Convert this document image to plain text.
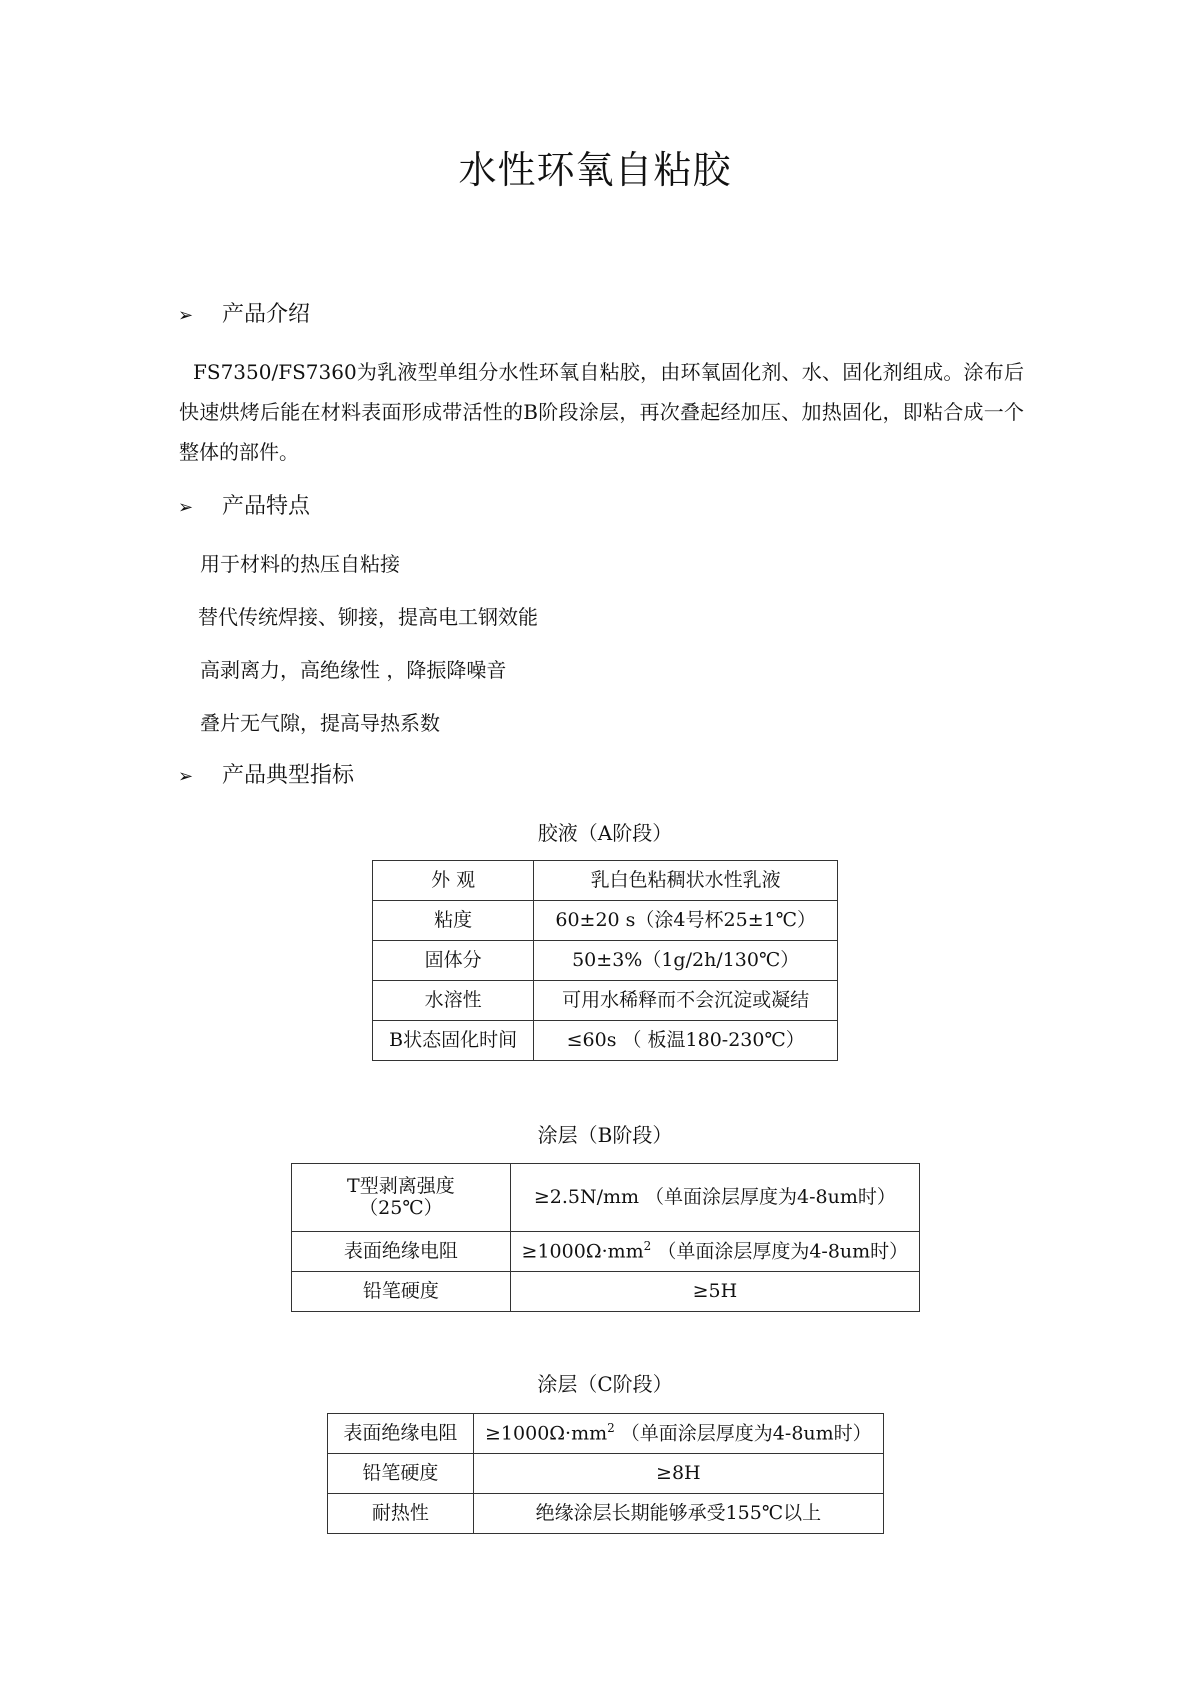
水性环氧自粘胶
➢ 产品介绍
FS7350/FS7360为乳液型单组分水性环氧自粘胶，由环氧固化剂、水、固化剂组成。涂布后快速烘烤后能在材料表面形成带活性的B阶段涂层，再次叠起经加压、加热固化，即粘合成一个整体的部件。
➢ 产品特点
用于材料的热压自粘接
替代传统焊接、铆接，提高电工钢效能
高剥离力，高绝缘性 ，降振降噪音
叠片无气隙，提高导热系数
➢ 产品典型指标
胶液（A阶段）
外 观	乳白色粘稠状水性乳液
粘度	60±20 s（涂4号杯25±1℃）
固体分	50±3%（1g/2h/130℃）
水溶性	可用水稀释而不会沉淀或凝结
B状态固化时间	≤60s （ 板温180-230℃）
涂层（B阶段）
T型剥离强度（25℃）	≥2.5N/mm （单面涂层厚度为4-8um时）
表面绝缘电阻	$\ge 1000\Omega\cdot mm^2$ （单面涂层厚度为4-8um时）
铅笔硬度	≥5H
涂层（C阶段）
表面绝缘电阻	$\ge 1000\Omega\cdot mm^2$ （单面涂层厚度为4-8um时）
铅笔硬度	≥8H
耐热性	绝缘涂层长期能够承受155℃以上
